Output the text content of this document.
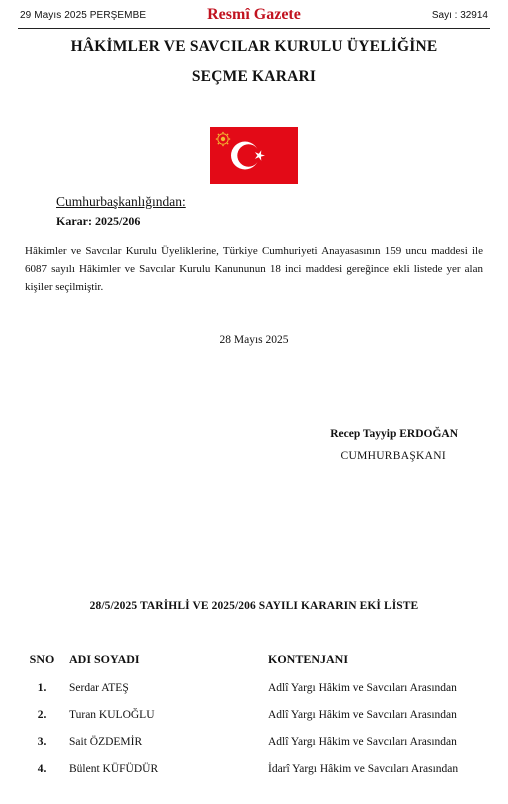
29 Mayıs 2025 PERŞEMBE	Resmî Gazete	Sayı : 32914
HÂKİMLER VE SAVCILAR KURULU ÜYELİĞİNE
SEÇME KARARI
Cumhurbaşkanlığından:
Karar: 2025/206
Hâkimler ve Savcılar Kurulu Üyeliklerine, Türkiye Cumhuriyeti Anayasasının 159 uncu maddesi ile 6087 sayılı Hâkimler ve Savcılar Kurulu Kanununun 18 inci maddesi gereğince ekli listede yer alan kişiler seçilmiştir.
28 Mayıs 2025
Recep Tayyip ERDOĞAN
CUMHURBAŞKANI
28/5/2025 TARİHLİ VE 2025/206 SAYILI KARARIN EKİ LİSTE
SNO	ADI SOYADI	KONTENJANI
1.	Serdar ATEŞ	Adlî Yargı Hâkim ve Savcıları Arasından
2.	Turan KULOĞLU	Adlî Yargı Hâkim ve Savcıları Arasından
3.	Sait ÖZDEMİR	Adlî Yargı Hâkim ve Savcıları Arasından
4.	Bülent KÜFÜDÜR	İdarî Yargı Hâkim ve Savcıları Arasından
